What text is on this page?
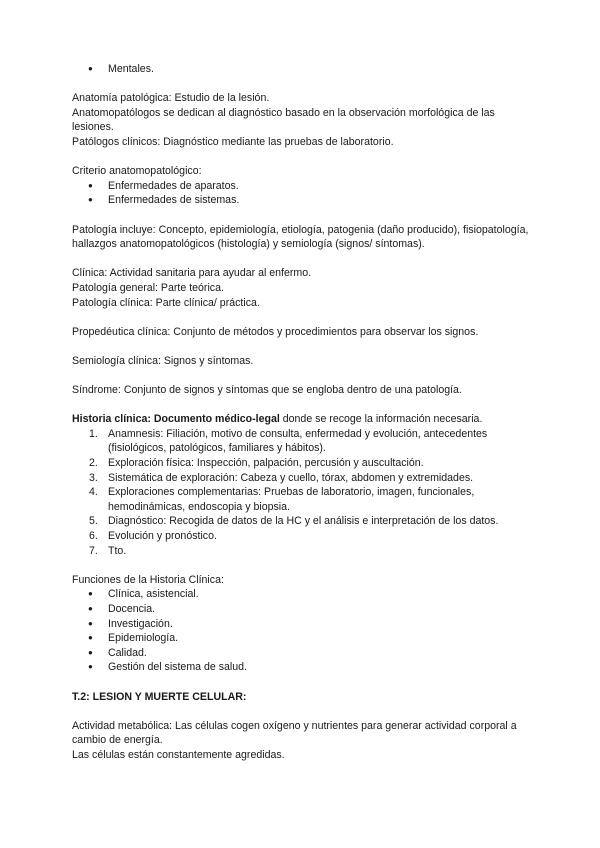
● Mentales.

Anatomía patológica: Estudio de la lesión.

Anatomopatólogos se dedican al diagnóstico basado en la observación morfológica de las lesiones.

Patólogos clínicos: Diagnóstico mediante las pruebas de laboratorio.

Criterio anatomopatológico:

● Enfermedades de aparatos.
● Enfermedades de sistemas.

Patología incluye: Concepto, epidemiología, etiología, patogenia (daño producido), fisiopatología, hallazgos anatomopatológicos (histología) y semiología (signos/ síntomas).

Clínica: Actividad sanitaria para ayudar al enfermo.

Patología general: Parte teórica.

Patología clínica: Parte clínica/ práctica.

Propedéutica clínica: Conjunto de métodos y procedimientos para observar los signos.

Semiología clínica: Signos y síntomas.

Síndrome: Conjunto de signos y síntomas que se engloba dentro de una patología.

Historia clínica: Documento médico-legal donde se recoge la información necesaria.

1. Anamnesis: Filiación, motivo de consulta, enfermedad y evolución, antecedentes (fisiológicos, patológicos, familiares y hábitos).
2. Exploración física: Inspección, palpación, percusión y auscultación.
3. Sistemática de exploración: Cabeza y cuello, tórax, abdomen y extremidades.
4. Exploraciones complementarias: Pruebas de laboratorio, imagen, funcionales, hemodinámicas, endoscopia y biopsia.
5. Diagnóstico: Recogida de datos de la HC y el análisis e interpretación de los datos.
6. Evolución y pronóstico.
7. Tto.

Funciones de la Historia Clínica:

● Clínica, asistencial.
● Docencia.
● Investigación.
● Epidemiología.
● Calidad.
● Gestión del sistema de salud.

T.2: LESION Y MUERTE CELULAR:

Actividad metabólica: Las células cogen oxígeno y nutrientes para generar actividad corporal a cambio de energía.

Las células están constantemente agredidas.
